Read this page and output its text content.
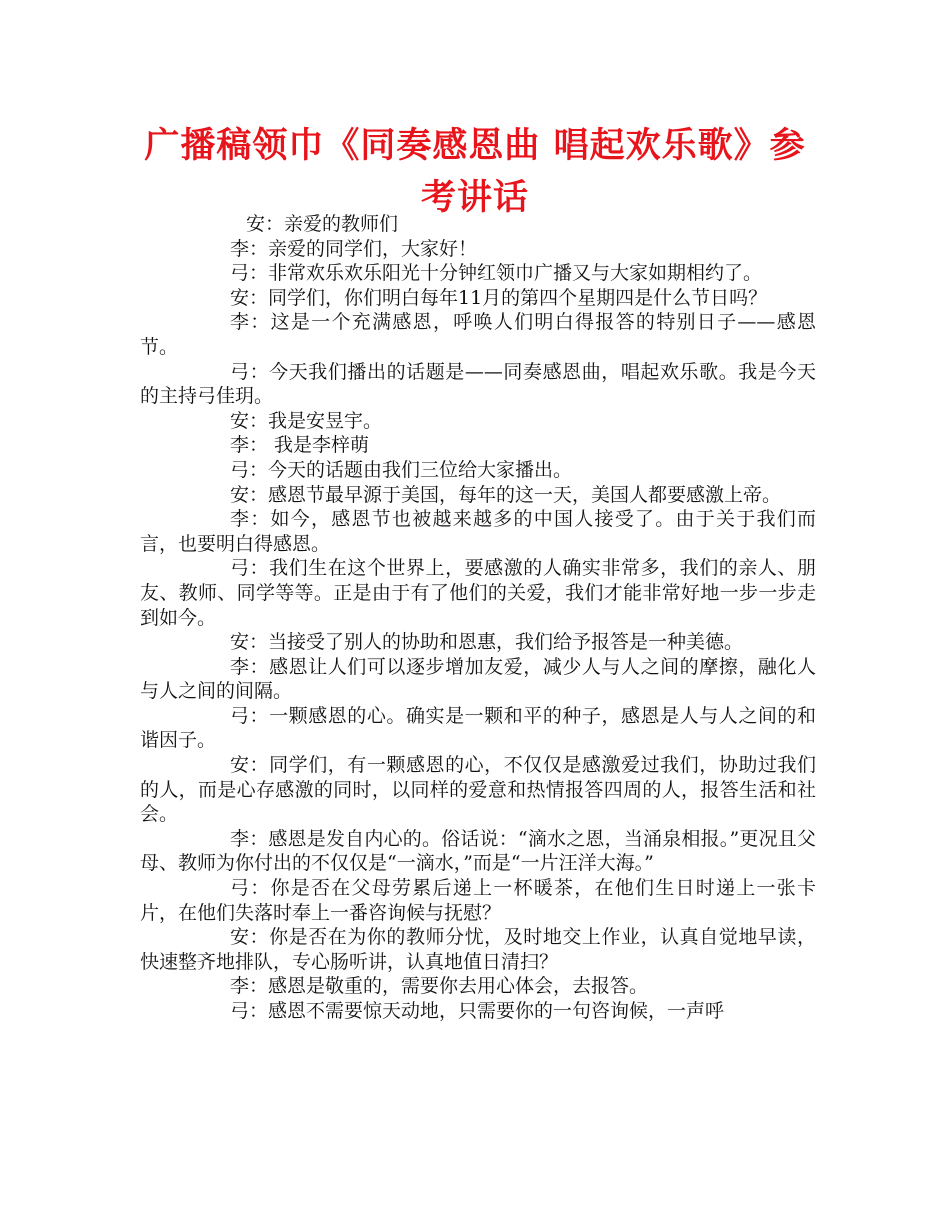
广播稿领巾《同奏感恩曲 唱起欢乐歌》参考讲话

安：亲爱的教师们

李：亲爱的同学们，大家好！

弓：非常欢乐欢乐阳光十分钟红领巾广播又与大家如期相约了。

安：同学们，你们明白每年11月的第四个星期四是什么节日吗？

李：这是一个充满感恩，呼唤人们明白得报答的特别日子——感恩节。

弓：今天我们播出的话题是——同奏感恩曲，唱起欢乐歌。我是今天的主持弓佳玥。

安：我是安昱宇。

李： 我是李梓萌

弓：今天的话题由我们三位给大家播出。

安：感恩节最早源于美国，每年的这一天，美国人都要感激上帝。

李：如今，感恩节也被越来越多的中国人接受了。由于关于我们而言，也要明白得感恩。

弓：我们生在这个世界上，要感激的人确实非常多，我们的亲人、朋友、教师、同学等等。正是由于有了他们的关爱，我们才能非常好地一步一步走到如今。

安：当接受了别人的协助和恩惠，我们给予报答是一种美德。

李：感恩让人们可以逐步增加友爱，减少人与人之间的摩擦，融化人与人之间的间隔。

弓：一颗感恩的心。确实是一颗和平的种子，感恩是人与人之间的和谐因子。

安：同学们，有一颗感恩的心，不仅仅是感激爱过我们，协助过我们的人，而是心存感激的同时，以同样的爱意和热情报答四周的人，报答生活和社会。

李：感恩是发自内心的。俗话说：“滴水之恩，当涌泉相报。”更况且父母、教师为你付出的不仅仅是“一滴水，”而是“一片汪洋大海。”

弓：你是否在父母劳累后递上一杯暖茶，在他们生日时递上一张卡片，在他们失落时奉上一番咨询候与抚慰？

安：你是否在为你的教师分忧，及时地交上作业，认真自觉地早读，快速整齐地排队，专心肠听讲，认真地值日清扫？

李：感恩是敬重的，需要你去用心体会，去报答。

弓：感恩不需要惊天动地，只需要你的一句咨询候，一声呼
